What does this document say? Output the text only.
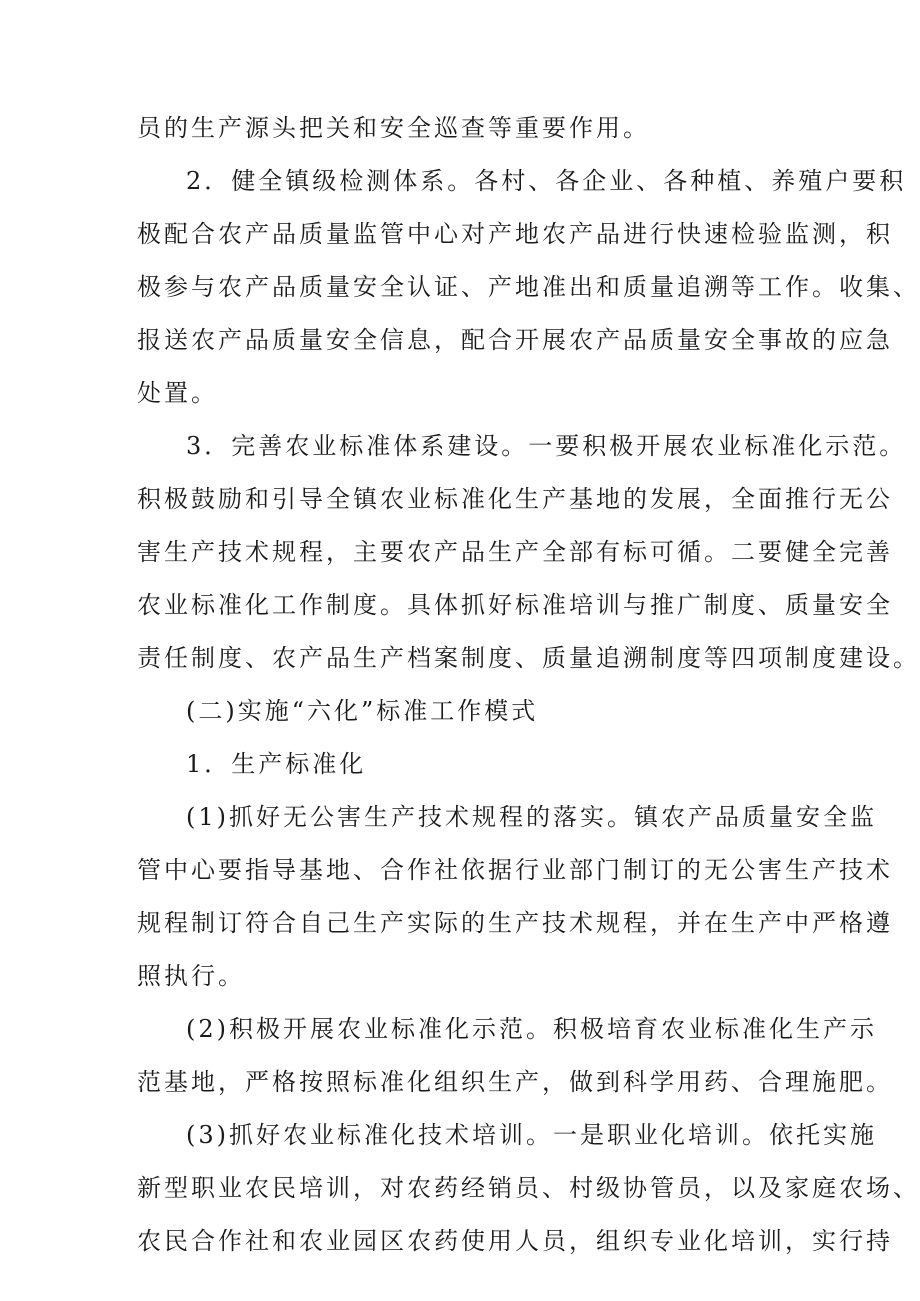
员的生产源头把关和安全巡查等重要作用。
2．健全镇级检测体系。各村、各企业、各种植、养殖户要积
极配合农产品质量监管中心对产地农产品进行快速检验监测，积
极参与农产品质量安全认证、产地准出和质量追溯等工作。收集、
报送农产品质量安全信息，配合开展农产品质量安全事故的应急
处置。
3．完善农业标准体系建设。一要积极开展农业标准化示范。
积极鼓励和引导全镇农业标准化生产基地的发展，全面推行无公
害生产技术规程，主要农产品生产全部有标可循。二要健全完善
农业标准化工作制度。具体抓好标准培训与推广制度、质量安全
责任制度、农产品生产档案制度、质量追溯制度等四项制度建设。
(二)实施“六化”标准工作模式
1．生产标准化
(1)抓好无公害生产技术规程的落实。镇农产品质量安全监
管中心要指导基地、合作社依据行业部门制订的无公害生产技术
规程制订符合自己生产实际的生产技术规程，并在生产中严格遵
照执行。
(2)积极开展农业标准化示范。积极培育农业标准化生产示
范基地，严格按照标准化组织生产，做到科学用药、合理施肥。
(3)抓好农业标准化技术培训。一是职业化培训。依托实施
新型职业农民培训，对农药经销员、村级协管员，以及家庭农场、
农民合作社和农业园区农药使用人员，组织专业化培训，实行持
